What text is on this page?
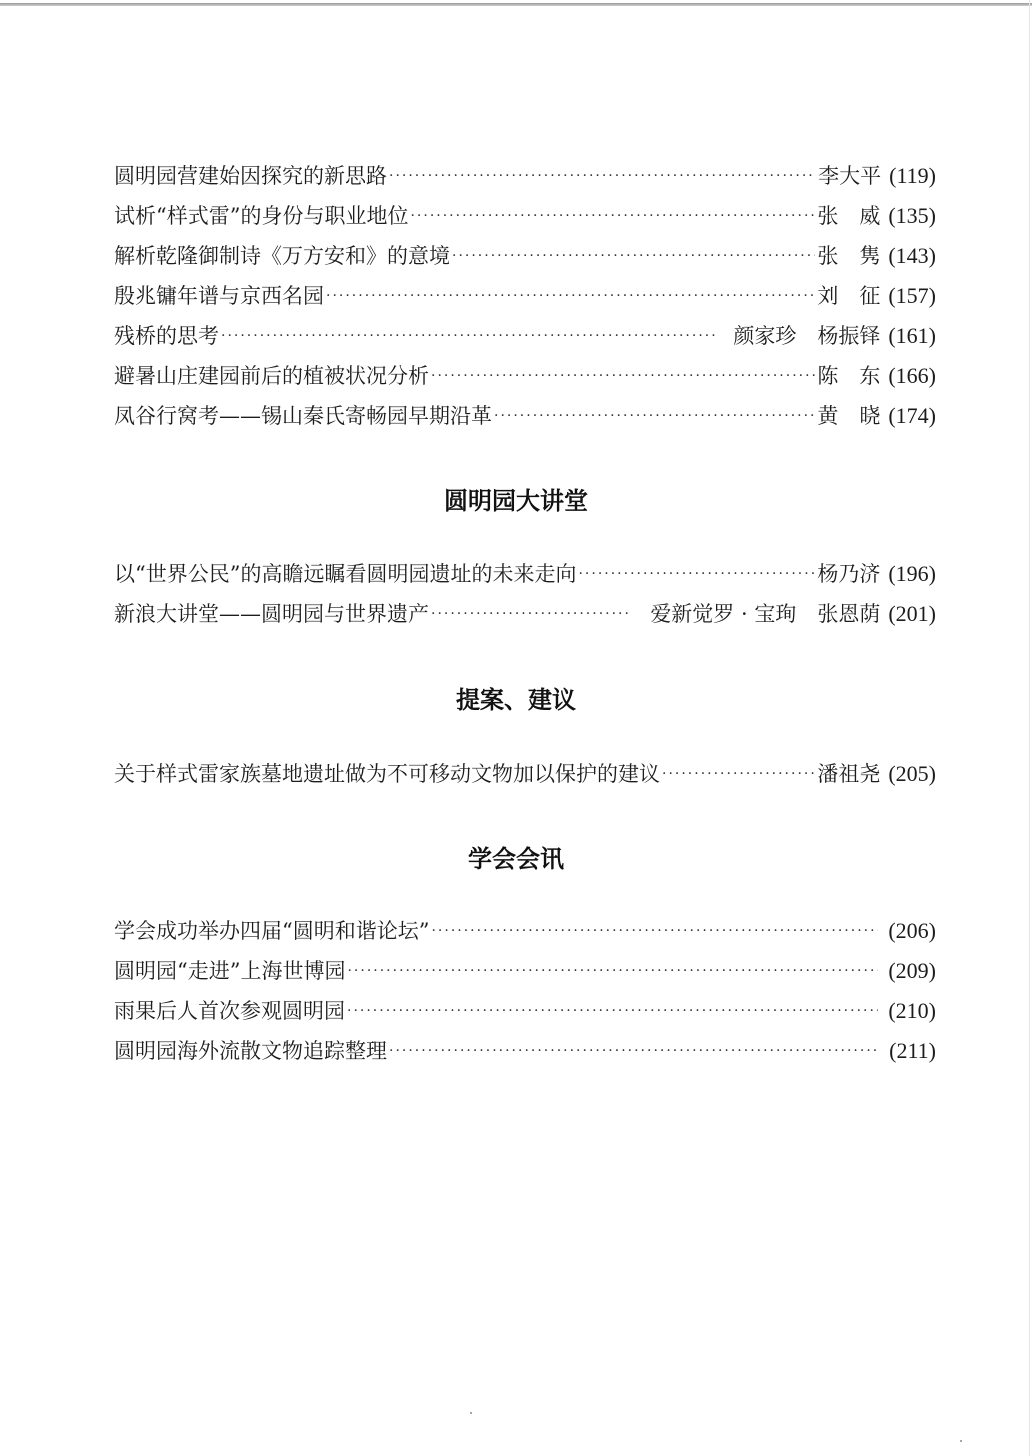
圆明园营建始因探究的新思路 ·····	李大平 (119)
试析“样式雷”的身份与职业地位 ·····	张　威 (135)
解析乾隆御制诗《万方安和》的意境 ·····	张　隽 (143)
殷兆镛年谱与京西名园 ·····	刘　征 (157)
残桥的思考 ·····	颜家珍　杨振铎 (161)
避暑山庄建园前后的植被状况分析 ·····	陈　东 (166)
凤谷行窝考——锡山秦氏寄畅园早期沿革 ·····	黄　晓 (174)
圆明园大讲堂
以“世界公民”的高瞻远瞩看圆明园遗址的未来走向 ·····	杨乃济 (196)
新浪大讲堂——圆明园与世界遗产 ·····	爱新觉罗 · 宝珣　张恩荫 (201)
提案、建议
关于样式雷家族墓地遗址做为不可移动文物加以保护的建议 ·····	潘祖尧 (205)
学会会讯
学会成功举办四届“圆明和谐论坛” ·····	(206)
圆明园“走进”上海世博园 ·····	(209)
雨果后人首次参观圆明园 ·····	(210)
圆明园海外流散文物追踪整理 ·····	(211)
